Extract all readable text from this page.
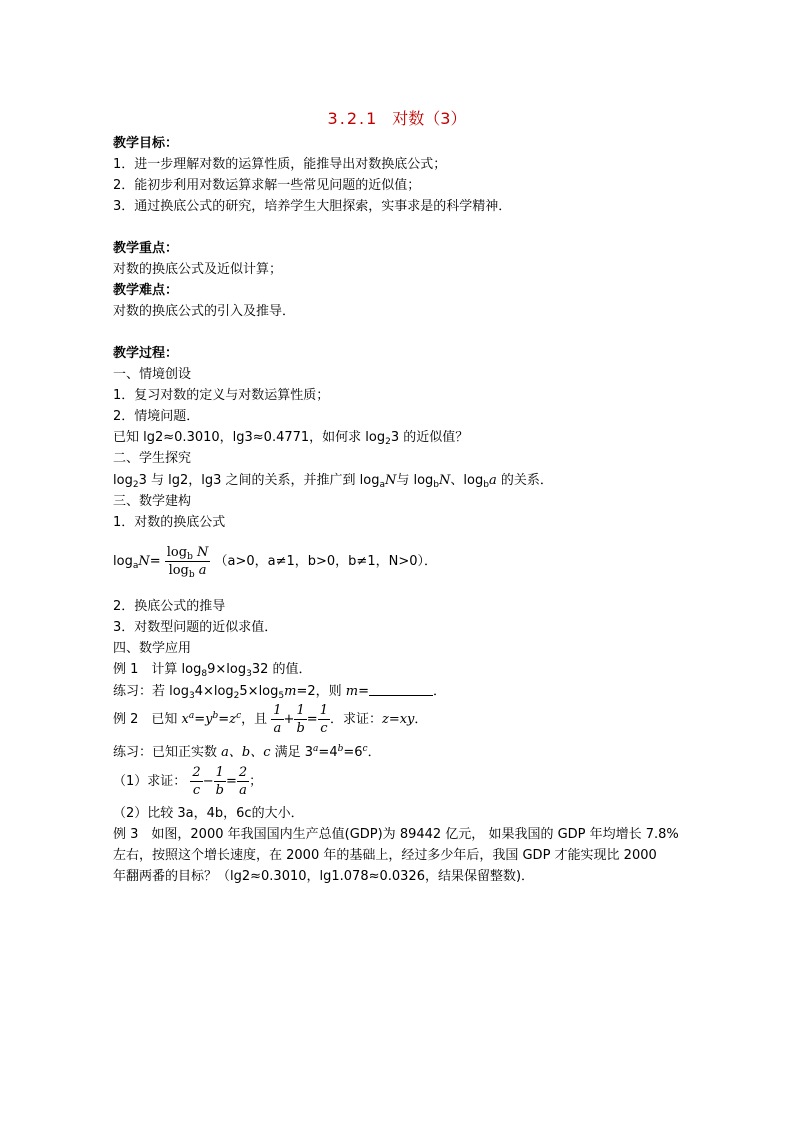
3.2.1 对数（3）
教学目标：
1．进一步理解对数的运算性质，能推导出对数换底公式；
2．能初步利用对数运算求解一些常见问题的近似值；
3．通过换底公式的研究，培养学生大胆探索，实事求是的科学精神．
教学重点：
对数的换底公式及近似计算；
教学难点：
对数的换底公式的引入及推导．
教学过程：
一、情境创设
1．复习对数的定义与对数运算性质；
2．情境问题．
已知 lg2≈0.3010，lg3≈0.4771，如何求 $\log_23$ 的近似值？
二、学生探究
$\log_23$ 与 lg2，lg3 之间的关系，并推广到 $\log_aN$与 $\log_bN$、$\log_ba$ 的关系．
三、数学建构
1．对数的换底公式
$\log_aN= \frac{\log_b N}{\log_b a} (a>0$，a≠1，b>0，b≠1，N>0）．
2．换底公式的推导
3．对数型问题的近似求值．
四、数学应用
例 1　计算 $\log_89\times\log_332$ 的值．
练习：若 $\log_34\times\log_25\times\log_5m=2$，则 m=	．
例 2　已知 $x^a=y^b=z^c$，且 $\frac{1}{a} + \frac{1}{b} = \frac{1}{c}$ ．求证：z=xy．
练习：已知正实数 a、b、c 满足 $3^a=4^b=6^c$．
（1）求证： $\frac{2}{c} - \frac{1}{b} = \frac{2}{a}$ ；
（2）比较 3a，4b，6c的大小．
例 3　如图，2000 年我国国内生产总值(GDP)为 89442 亿元， 如果我国的 GDP 年均增长 7.8%
左右，按照这个增长速度，在 2000 年的基础上，经过多少年后，我国 GDP 才能实现比 2000
年翻两番的目标？（lg2≈0.3010，lg1.078≈0.0326，结果保留整数)．
